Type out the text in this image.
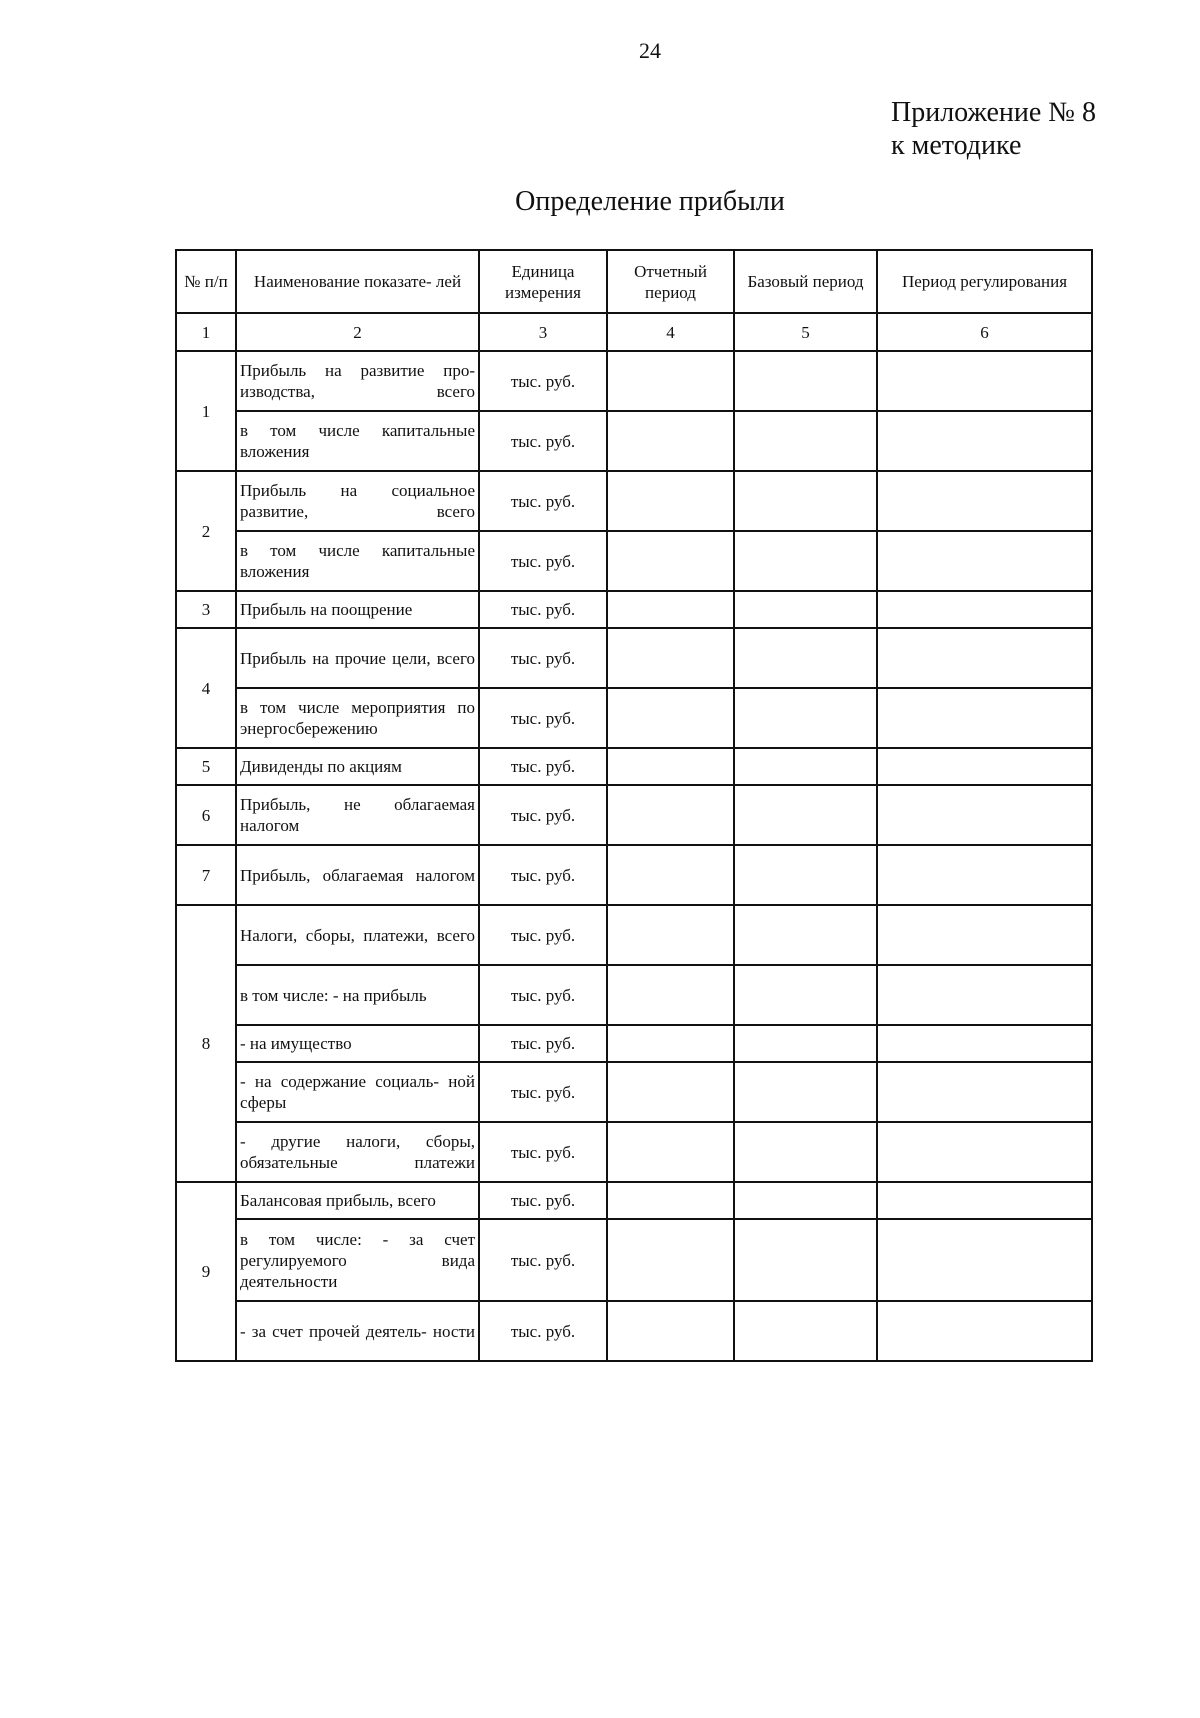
24
Приложение № 8
к методике
Определение прибыли
№ п/п	Наименование показате- лей	Единица измерения	Отчетный период	Базовый период	Период регулирования
1	2	3	4	5	6
1	Прибыль на развитие про- изводства, всего	тыс. руб.			
	в том числе капитальные вложения	тыс. руб.			
2	Прибыль на социальное развитие, всего	тыс. руб.			
	в том числе капитальные вложения	тыс. руб.			
3	Прибыль на поощрение	тыс. руб.			
4	Прибыль на прочие цели, всего	тыс. руб.			
	в том числе мероприятия по энергосбережению	тыс. руб.			
5	Дивиденды по акциям	тыс. руб.			
6	Прибыль, не облагаемая налогом	тыс. руб.			
7	Прибыль, облагаемая налогом	тыс. руб.			
8	Налоги, сборы, платежи, всего	тыс. руб.			
	в том числе: - на прибыль	тыс. руб.			
	- на имущество	тыс. руб.			
	- на содержание социаль- ной сферы	тыс. руб.			
	- другие налоги, сборы, обязательные платежи	тыс. руб.			
9	Балансовая прибыль, всего	тыс. руб.			
	в том числе: - за счет регулируемого вида деятельности	тыс. руб.			
	- за счет прочей деятель- ности	тыс. руб.			
